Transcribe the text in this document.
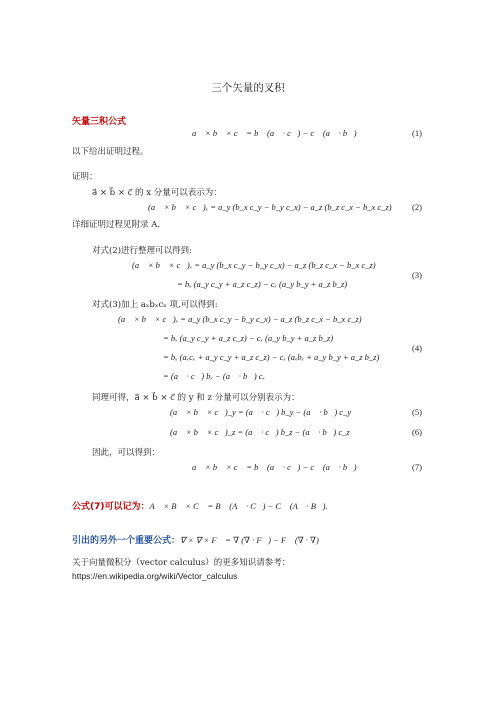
三个矢量的叉积
矢量三积公式
a⃗ × b⃗ × c⃗ = b⃗ (a⃗ · c⃗) − c⃗ (a⃗ · b⃗)	(1)
以下给出证明过程。
证明：
a⃗ × b⃗ × c⃗ 的 x 分量可以表示为：
(a⃗ × b⃗ × c⃗)ₓ = a_y (b_x c_y − b_y c_x) − a_z (b_z c_x − b_x c_z) (2)
详细证明过程见附录 A.
对式(2)进行整理可以得到:
(a⃗ × b⃗ × c⃗)ₓ = a_y (b_x c_y − b_y c_x) − a_z (b_z c_x − b_x c_z)
= bₓ (a_y c_y + a_z c_z) − cₓ (a_y b_y + a_z b_z)
(3)
对式(3)加上 aₓbₓcₓ 项,可以得到:
(a⃗ × b⃗ × c⃗)ₓ = a_y (b_x c_y − b_y c_x) − a_z (b_z c_x − b_x c_z)
= bₓ (a_y c_y + a_z c_z) − cₓ (a_y b_y + a_z b_z)
= bₓ (aₓcₓ + a_y c_y + a_z c_z) − cₓ (aₓbₓ + a_y b_y + a_z b_z)
= (a⃗ · c⃗) bₓ − (a⃗ · b⃗) cₓ
(4)
同理可得，a⃗ × b⃗ × c⃗ 的 y 和 z 分量可以分别表示为：
(a⃗ × b⃗ × c⃗)_y = (a⃗ · c⃗) b_y − (a⃗ · b⃗) c_y	(5)
(a⃗ × b⃗ × c⃗)_z = (a⃗ · c⃗) b_z − (a⃗ · b⃗) c_z	(6)
因此，可以得到：
a⃗ × b⃗ × c⃗ = b⃗ (a⃗ · c⃗) − c⃗ (a⃗ · b⃗)	(7)
公式(7)可以记为：A⃗ × B⃗ × C⃗ = B⃗ (A⃗ · C⃗) − C⃗ (A⃗ · B⃗).
引出的另外一个重要公式：∇ × ∇ × F⃗ = ∇ (∇ · F⃗) − F⃗ (∇ · ∇)
关于向量微积分（vector calculus）的更多知识请参考：
https://en.wikipedia.org/wiki/Vector_calculus
